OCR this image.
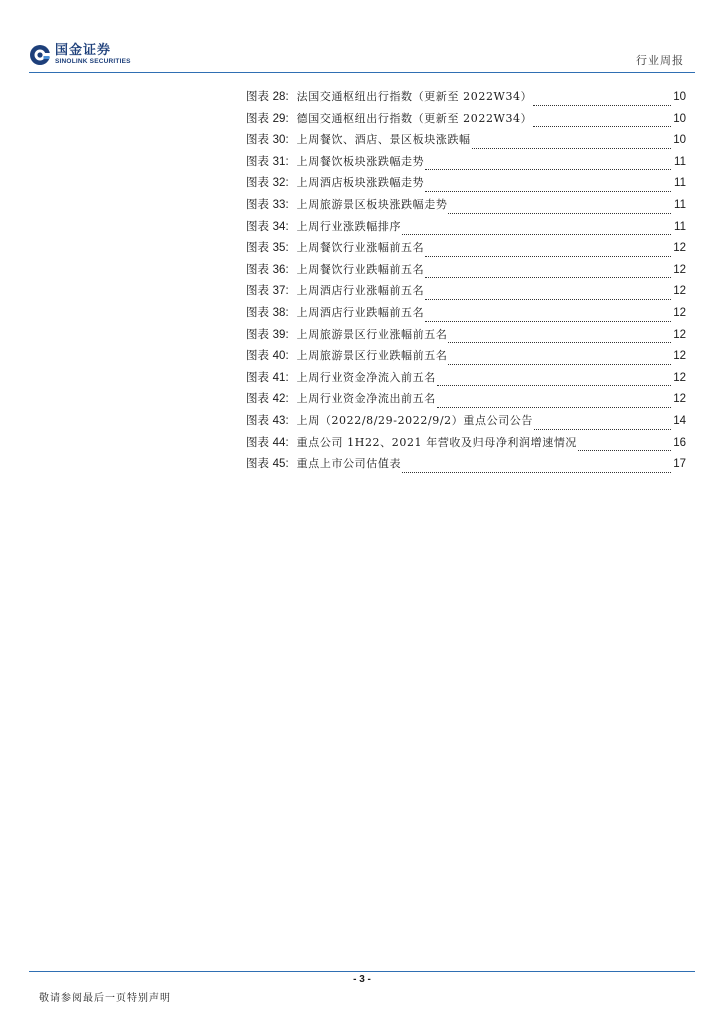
国金证券
SINOLINK SECURITIES	行业周报
图表 28: 法国交通枢纽出行指数（更新至 2022W34）	10
图表 29: 德国交通枢纽出行指数（更新至 2022W34）	10
图表 30: 上周餐饮、酒店、景区板块涨跌幅	10
图表 31: 上周餐饮板块涨跌幅走势	11
图表 32: 上周酒店板块涨跌幅走势	11
图表 33: 上周旅游景区板块涨跌幅走势	11
图表 34: 上周行业涨跌幅排序	11
图表 35: 上周餐饮行业涨幅前五名	12
图表 36: 上周餐饮行业跌幅前五名	12
图表 37: 上周酒店行业涨幅前五名	12
图表 38: 上周酒店行业跌幅前五名	12
图表 39: 上周旅游景区行业涨幅前五名	12
图表 40: 上周旅游景区行业跌幅前五名	12
图表 41: 上周行业资金净流入前五名	12
图表 42: 上周行业资金净流出前五名	12
图表 43: 上周（2022/8/29-2022/9/2）重点公司公告	14
图表 44: 重点公司 1H22、2021 年营收及归母净利润增速情况	16
图表 45: 重点上市公司估值表	17
- 3 -
敬请参阅最后一页特别声明
